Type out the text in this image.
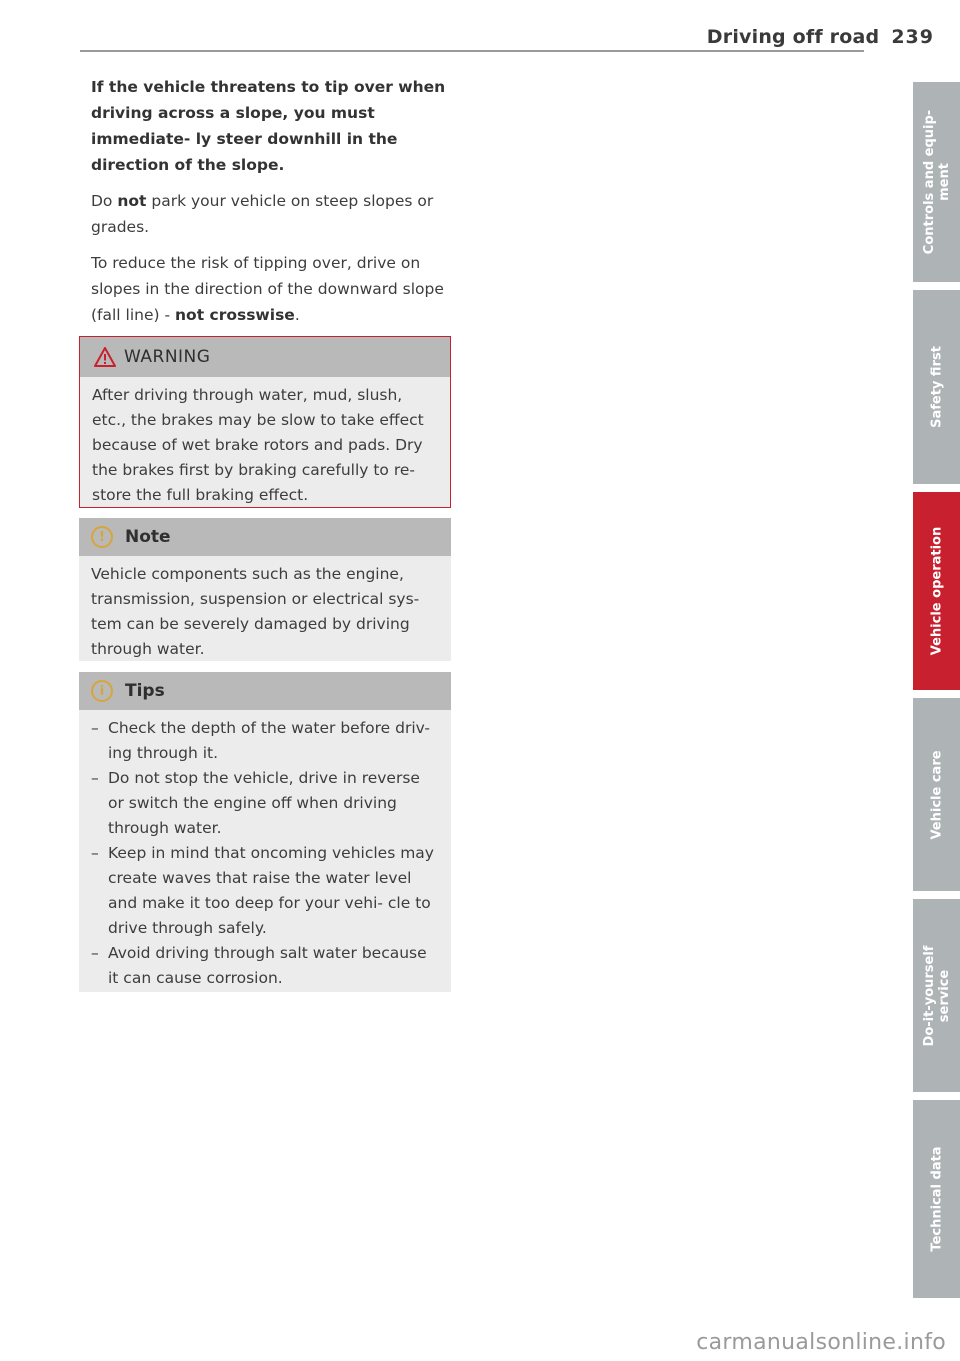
Driving off road 239

If the vehicle threatens to tip over when driving across a slope, you must immediate- ly steer downhill in the direction of the slope.

Do not park your vehicle on steep slopes or grades.

To reduce the risk of tipping over, drive on slopes in the direction of the downward slope (fall line) - not crosswise.

WARNING
After driving through water, mud, slush, etc., the brakes may be slow to take effect because of wet brake rotors and pads. Dry the brakes first by braking carefully to re- store the full braking effect.
!	Note
Vehicle components such as the engine, transmission, suspension or electrical sys- tem can be severely damaged by driving through water.
i	Tips
– Check the depth of the water before driv- ing through it.
– Do not stop the vehicle, drive in reverse or switch the engine off when driving through water.
– Keep in mind that oncoming vehicles may create waves that raise the water level and make it too deep for your vehi- cle to drive through safely.
– Avoid driving through salt water because it can cause corrosion.
Controls and equip- ment
Safety first
Vehicle operation
Vehicle care
Do-it-yourself service
Technical data
carmanualsonline.info
